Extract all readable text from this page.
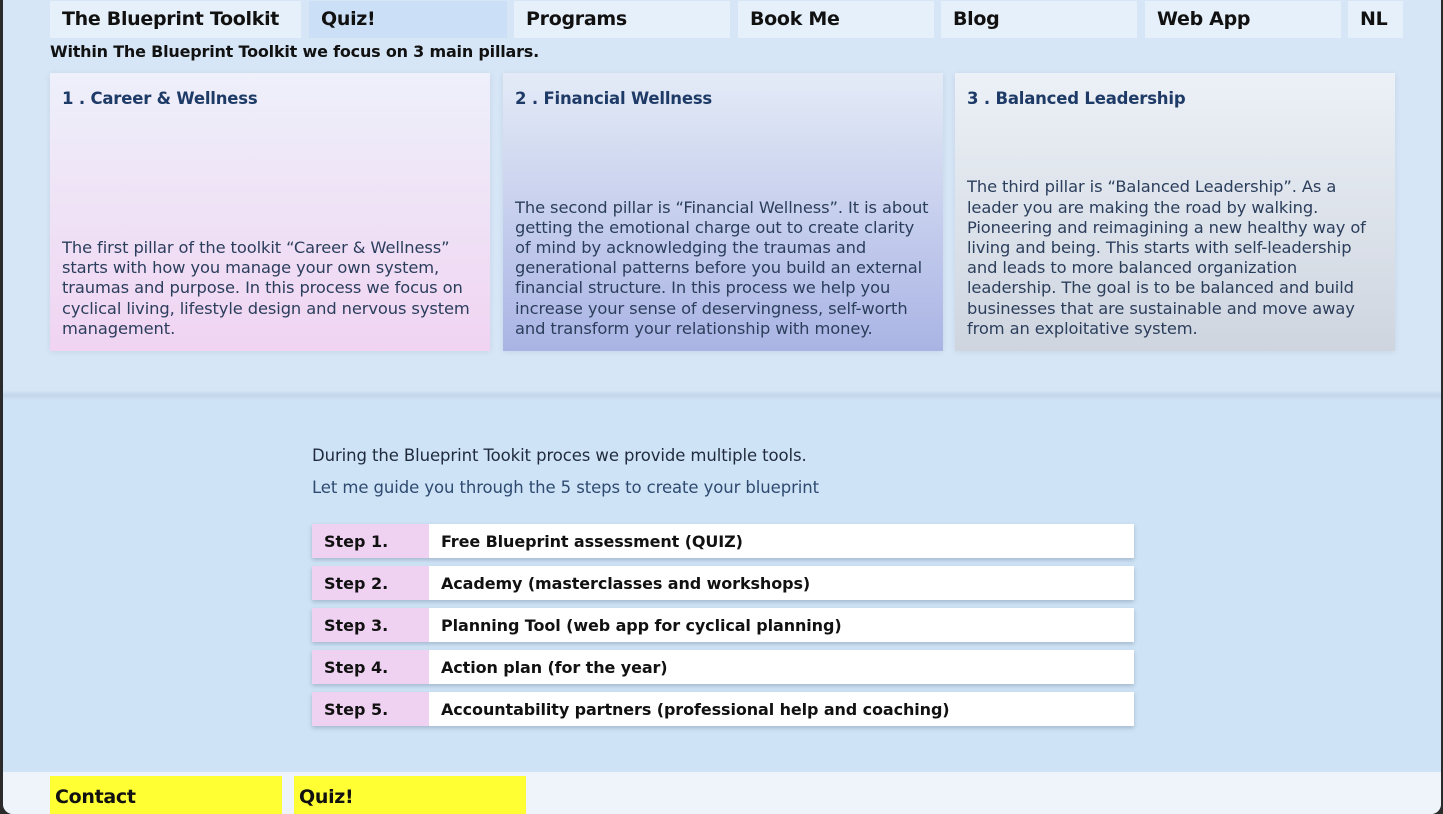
The Blueprint Toolkit	Quiz!	Programs	Book Me	Blog	Web App	NL
Within The Blueprint Toolkit we focus on 3 main pillars.
1 . Career & Wellness

The first pillar of the toolkit “Career & Wellness” starts with how you manage your own system, traumas and purpose. In this process we focus on cyclical living, lifestyle design and nervous system management.

2 . Financial Wellness

The second pillar is “Financial Wellness”. It is about getting the emotional charge out to create clarity of mind by acknowledging the traumas and generational patterns before you build an external financial structure. In this process we help you increase your sense of deservingness, self-worth and transform your relationship with money.

3 . Balanced Leadership

The third pillar is “Balanced Leadership”. As a leader you are making the road by walking. Pioneering and reimagining a new healthy way of living and being. This starts with self-leadership and leads to more balanced organization leadership. The goal is to be balanced and build businesses that are sustainable and move away from an exploitative system.

During the Blueprint Tookit proces we provide multiple tools.
Let me guide you through the 5 steps to create your blueprint
Step 1.	Free Blueprint assessment (QUIZ)
Step 2.	Academy (masterclasses and workshops)
Step 3.	Planning Tool (web app for cyclical planning)
Step 4.	Action plan (for the year)
Step 5.	Accountability partners (professional help and coaching)
Contact	Quiz!
